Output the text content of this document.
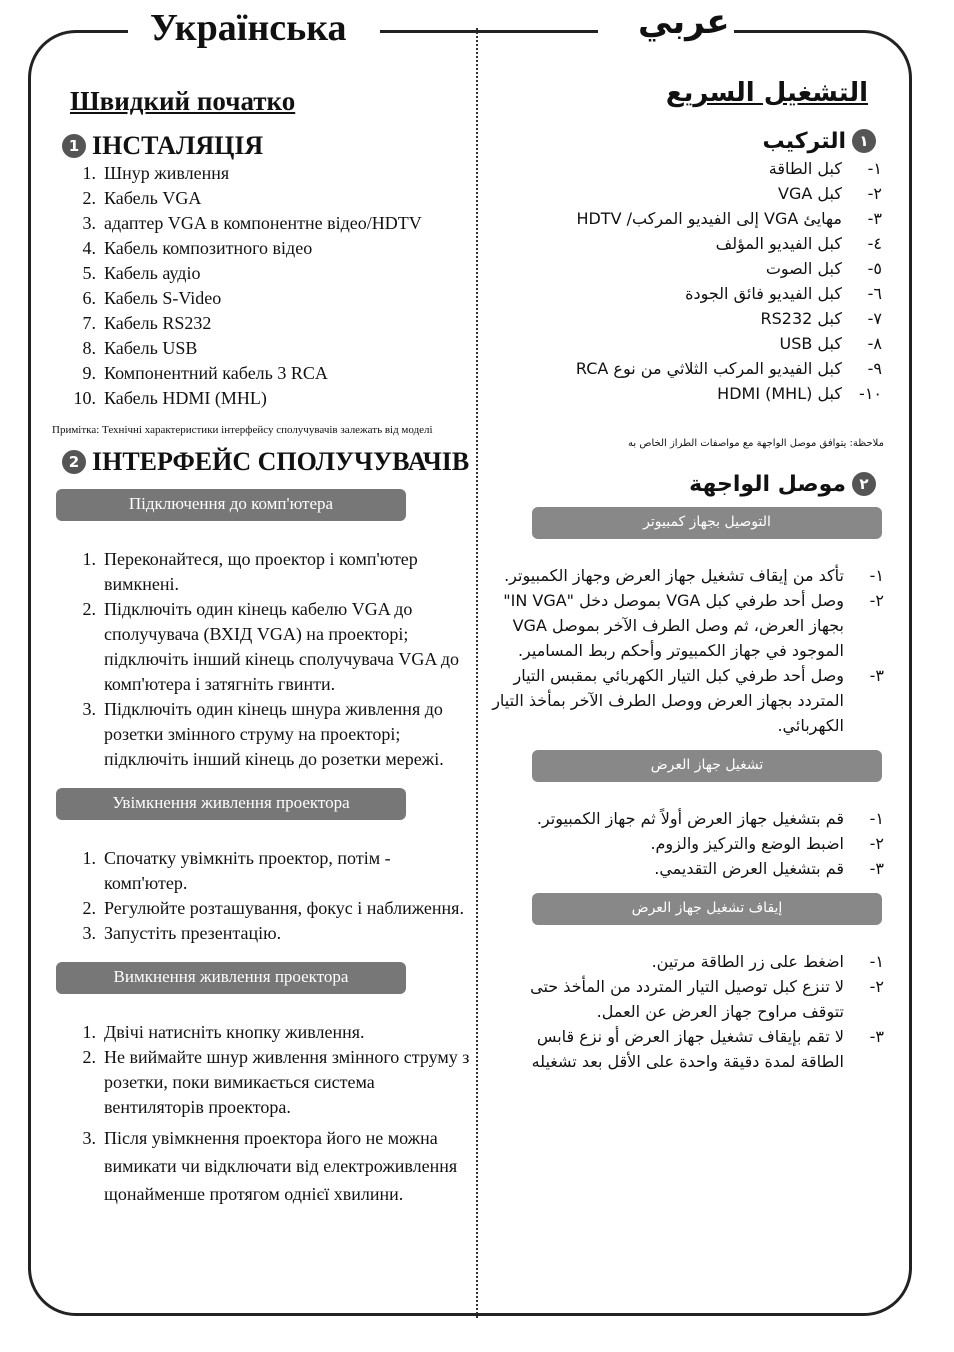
Українська	عربي
Швидкий початко
1 ІНСТАЛЯЦІЯ
1. Шнур живлення
2. Кабель VGA
3. адаптер VGA в компонентне відео/HDTV
4. Кабель композитного відео
5. Кабель аудіо
6. Кабель S-Video
7. Кабель RS232
8. Кабель USB
9. Компонентний кабель 3 RCA
10. Кабель HDMI (MHL)
Примітка: Технічні характеристики інтерфейсу сполучувачів залежать від моделі
2 ІНТЕРФЕЙС СПОЛУЧУВАЧІВ
Підключення до комп'ютера
1. Переконайтеся, що проектор і комп'ютер вимкнені.
2. Підключіть один кінець кабелю VGA до сполучувача (ВХІД VGA) на проекторі; підключіть інший кінець сполучувача VGA до комп'ютера і затягніть гвинти.
3. Підключіть один кінець шнура живлення до розетки змінного струму на проекторі; підключіть інший кінець до розетки мережі.
Увімкнення живлення проектора
1. Спочатку увімкніть проектор, потім - комп'ютер.
2. Регулюйте розташування, фокус і наближення.
3. Запустіть презентацію.
Вимкнення живлення проектора
1. Двічі натисніть кнопку живлення.
2. Не виймайте шнур живлення змінного струму з розетки, поки вимикається система вентиляторів проектора.
3. Після увімкнення проектора його не можна вимикати чи відключати від електроживлення щонайменше протягом однієї хвилини.
التشغيل السريع
١
التركيب
١-
كبل الطاقة
٢-
كبل VGA
٣-
مهايئ VGA إلى الفيديو المركب/ HDTV
٤-
كبل الفيديو المؤلف
٥-
كبل الصوت
٦-
كبل الفيديو فائق الجودة
٧-
كبل RS232
٨-
كبل USB
٩-
كبل الفيديو المركب الثلاثي من نوع RCA
١٠-
كبل (HDMI (MHL
ملاحظة: يتوافق موصل الواجهة مع مواصفات الطراز الخاص به
٢
موصل الواجهة
التوصيل بجهاز كمبيوتر
١-
تأكد من إيقاف تشغيل جهاز العرض وجهاز الكمبيوتر.
٢-
وصل أحد طرفي كبل VGA بموصل دخل "IN VGA" بجهاز العرض، ثم وصل الطرف الآخر بموصل VGA الموجود في جهاز الكمبيوتر وأحكم ربط المسامير.
٣-
وصل أحد طرفي كبل التيار الكهربائي بمقبس التيار المتردد بجهاز العرض ووصل الطرف الآخر بمأخذ التيار الكهربائي.
تشغيل جهاز العرض
١-
قم بتشغيل جهاز العرض أولاً ثم جهاز الكمبيوتر.
٢-
اضبط الوضع والتركيز والزوم.
٣-
قم بتشغيل العرض التقديمي.
إيقاف تشغيل جهاز العرض
١-
اضغط على زر الطاقة مرتين.
٢-
لا تنزع كبل توصيل التيار المتردد من المأخذ حتى تتوقف مراوح جهاز العرض عن العمل.
٣-
لا تقم بإيقاف تشغيل جهاز العرض أو نزع قابس الطاقة لمدة دقيقة واحدة على الأقل بعد تشغيله
